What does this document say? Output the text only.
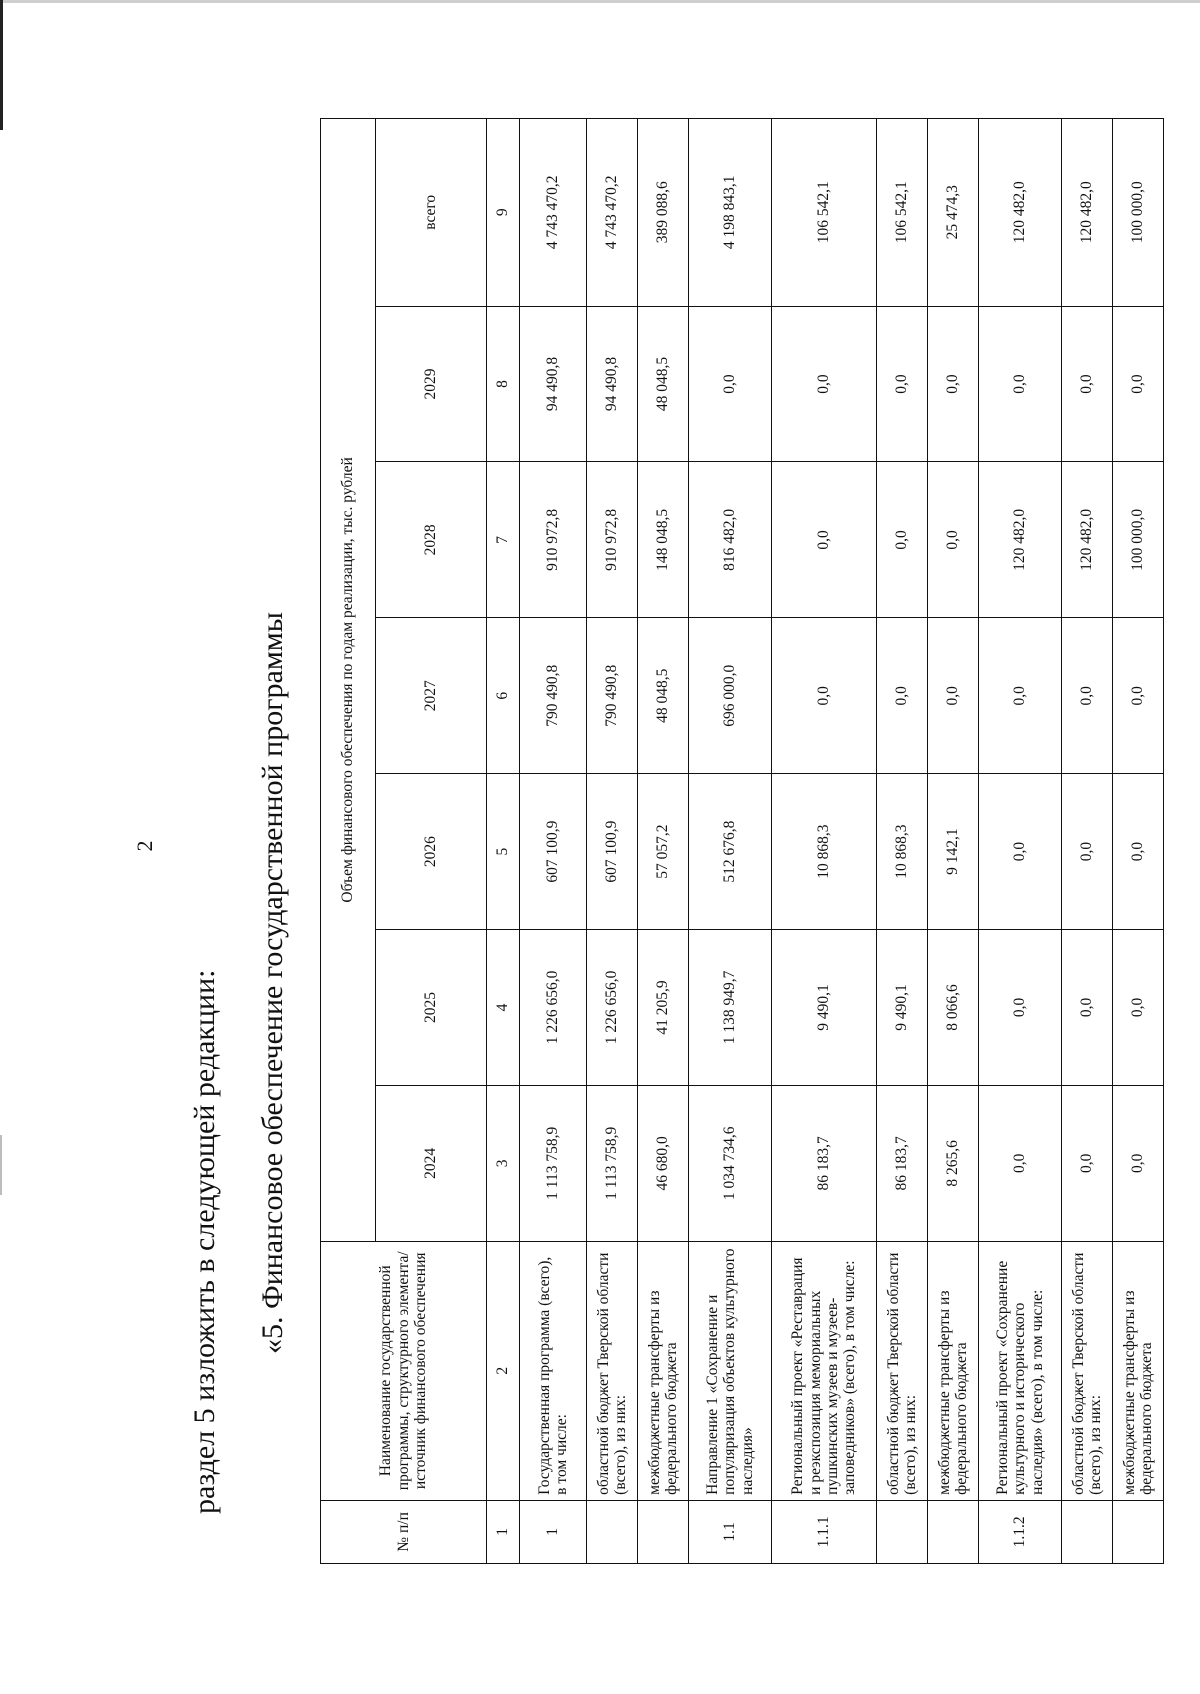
2
раздел 5 изложить в следующей редакции: «5. Финансовое обеспечение государственной программы
№ п/п	Наименование государственной программы, структурного элемента/источник финансового обеспечения	Объем финансового обеспечения по годам реализации, тыс. рублей						
		2024	2025	2026	2027	2028	2029	всего
1	2	3	4	5	6	7	8	9
1	Государственная программа (всего), в том числе:	1 113 758,9	1 226 656,0	607 100,9	790 490,8	910 972,8	94 490,8	4 743 470,2
	областной бюджет Тверской области (всего), из них:	1 113 758,9	1 226 656,0	607 100,9	790 490,8	910 972,8	94 490,8	4 743 470,2
	межбюджетные трансферты из федерального бюджета	46 680,0	41 205,9	57 057,2	48 048,5	148 048,5	48 048,5	389 088,6
1.1	Направление 1 «Сохранение и популяризация объектов культурного наследия»	1 034 734,6	1 138 949,7	512 676,8	696 000,0	816 482,0	0,0	4 198 843,1
1.1.1	Региональный проект «Реставрация и реэкспозиция мемориальных пушкинских музеев и музеев-заповедников» (всего), в том числе:	86 183,7	9 490,1	10 868,3	0,0	0,0	0,0	106 542,1
	областной бюджет Тверской области (всего), из них:	86 183,7	9 490,1	10 868,3	0,0	0,0	0,0	106 542,1
	межбюджетные трансферты из федерального бюджета	8 265,6	8 066,6	9 142,1	0,0	0,0	0,0	25 474,3
1.1.2	Региональный проект «Сохранение культурного и исторического наследия» (всего), в том числе:	0,0	0,0	0,0	0,0	120 482,0	0,0	120 482,0
	областной бюджет Тверской области (всего), из них:	0,0	0,0	0,0	0,0	120 482,0	0,0	120 482,0
	межбюджетные трансферты из федерального бюджета	0,0	0,0	0,0	0,0	100 000,0	0,0	100 000,0
